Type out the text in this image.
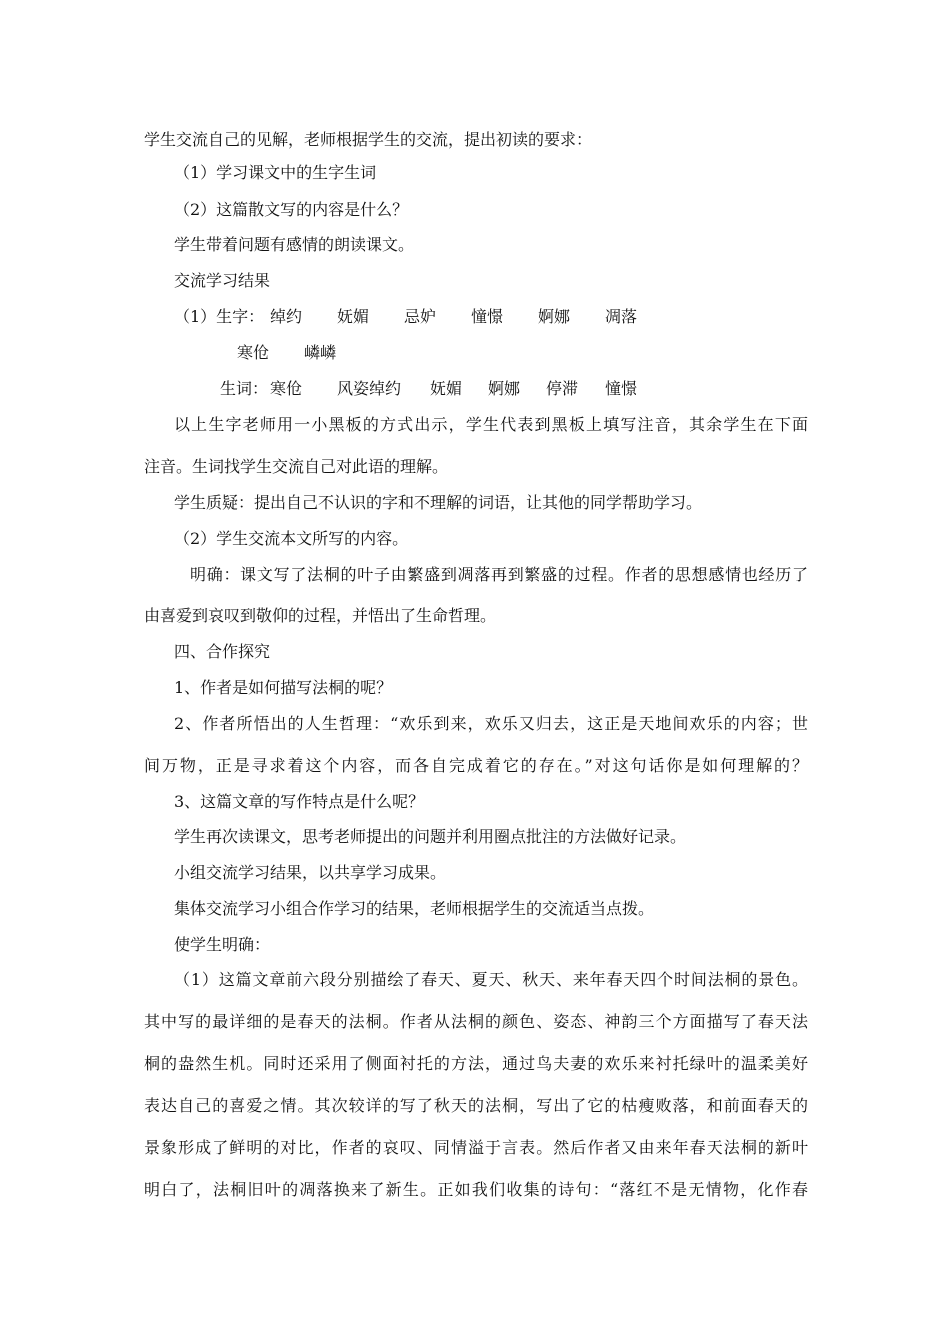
学生交流自己的见解，老师根据学生的交流，提出初读的要求：
（1）学习课文中的生字生词
（2）这篇散文写的内容是什么？
学生带着问题有感情的朗读课文。
交流学习结果
（1）生字： 绰约 妩媚 忌妒 憧憬 婀娜 凋落
寒伧 嶙嶙
生词： 寒伧 风姿绰约 妩媚 婀娜 停滞 憧憬
以上生字老师用一小黑板的方式出示，学生代表到黑板上填写注音，其余学生在下面
注音。生词找学生交流自己对此语的理解。
学生质疑：提出自己不认识的字和不理解的词语，让其他的同学帮助学习。
（2）学生交流本文所写的内容。
明确：课文写了法桐的叶子由繁盛到凋落再到繁盛的过程。作者的思想感情也经历了
由喜爱到哀叹到敬仰的过程，并悟出了生命哲理。
四、合作探究
1、作者是如何描写法桐的呢？
2、作者所悟出的人生哲理：“欢乐到来，欢乐又归去，这正是天地间欢乐的内容；世
间万物，正是寻求着这个内容，而各自完成着它的存在。”对这句话你是如何理解的？
3、这篇文章的写作特点是什么呢？
学生再次读课文，思考老师提出的问题并利用圈点批注的方法做好记录。
小组交流学习结果，以共享学习成果。
集体交流学习小组合作学习的结果，老师根据学生的交流适当点拨。
使学生明确：
（1）这篇文章前六段分别描绘了春天、夏天、秋天、来年春天四个时间法桐的景色。
其中写的最详细的是春天的法桐。作者从法桐的颜色、姿态、神韵三个方面描写了春天法
桐的盎然生机。同时还采用了侧面衬托的方法，通过鸟夫妻的欢乐来衬托绿叶的温柔美好
表达自己的喜爱之情。其次较详的写了秋天的法桐，写出了它的枯瘦败落，和前面春天的
景象形成了鲜明的对比，作者的哀叹、同情溢于言表。然后作者又由来年春天法桐的新叶
明白了，法桐旧叶的凋落换来了新生。正如我们收集的诗句：“落红不是无情物，化作春
